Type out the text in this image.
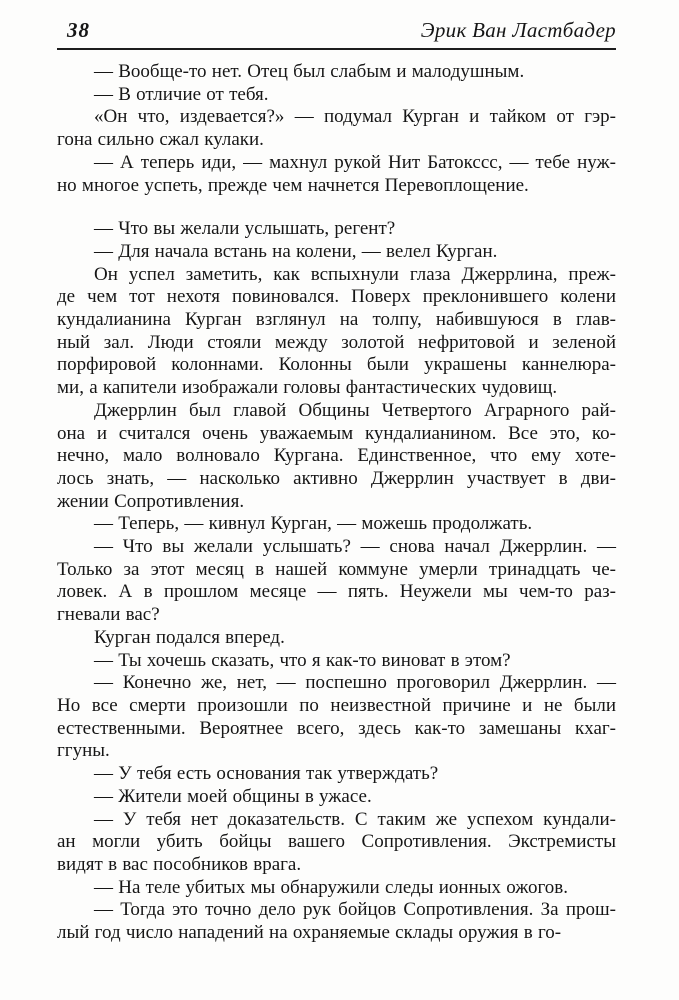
38	Эрик Ван Ластбадер
— Вообще-то нет. Отец был слабым и малодушным.
— В отличие от тебя.
«Он что, издевается?» — подумал Курган и тайком от гэр-
гона сильно сжал кулаки.
— А теперь иди, — махнул рукой Нит Батокссс, — тебе нуж-
но многое успеть, прежде чем начнется Перевоплощение.
— Что вы желали услышать, регент?
— Для начала встань на колени, — велел Курган.
Он успел заметить, как вспыхнули глаза Джеррлина, преж-
де чем тот нехотя повиновался. Поверх преклонившего колени
кундалианина Курган взглянул на толпу, набившуюся в глав-
ный зал. Люди стояли между золотой нефритовой и зеленой
порфировой колоннами. Колонны были украшены каннелюра-
ми, а капители изображали головы фантастических чудовищ.
Джеррлин был главой Общины Четвертого Аграрного рай-
она и считался очень уважаемым кундалианином. Все это, ко-
нечно, мало волновало Кургана. Единственное, что ему хоте-
лось знать, — насколько активно Джеррлин участвует в дви-
жении Сопротивления.
— Теперь, — кивнул Курган, — можешь продолжать.
— Что вы желали услышать? — снова начал Джеррлин. —
Только за этот месяц в нашей коммуне умерли тринадцать че-
ловек. А в прошлом месяце — пять. Неужели мы чем-то раз-
гневали вас?
Курган подался вперед.
— Ты хочешь сказать, что я как-то виноват в этом?
— Конечно же, нет, — поспешно проговорил Джеррлин. —
Но все смерти произошли по неизвестной причине и не были
естественными. Вероятнее всего, здесь как-то замешаны кхаг-
ггуны.
— У тебя есть основания так утверждать?
— Жители моей общины в ужасе.
— У тебя нет доказательств. С таким же успехом кундали-
ан могли убить бойцы вашего Сопротивления. Экстремисты
видят в вас пособников врага.
— На теле убитых мы обнаружили следы ионных ожогов.
— Тогда это точно дело рук бойцов Сопротивления. За прош-
лый год число нападений на охраняемые склады оружия в го-
